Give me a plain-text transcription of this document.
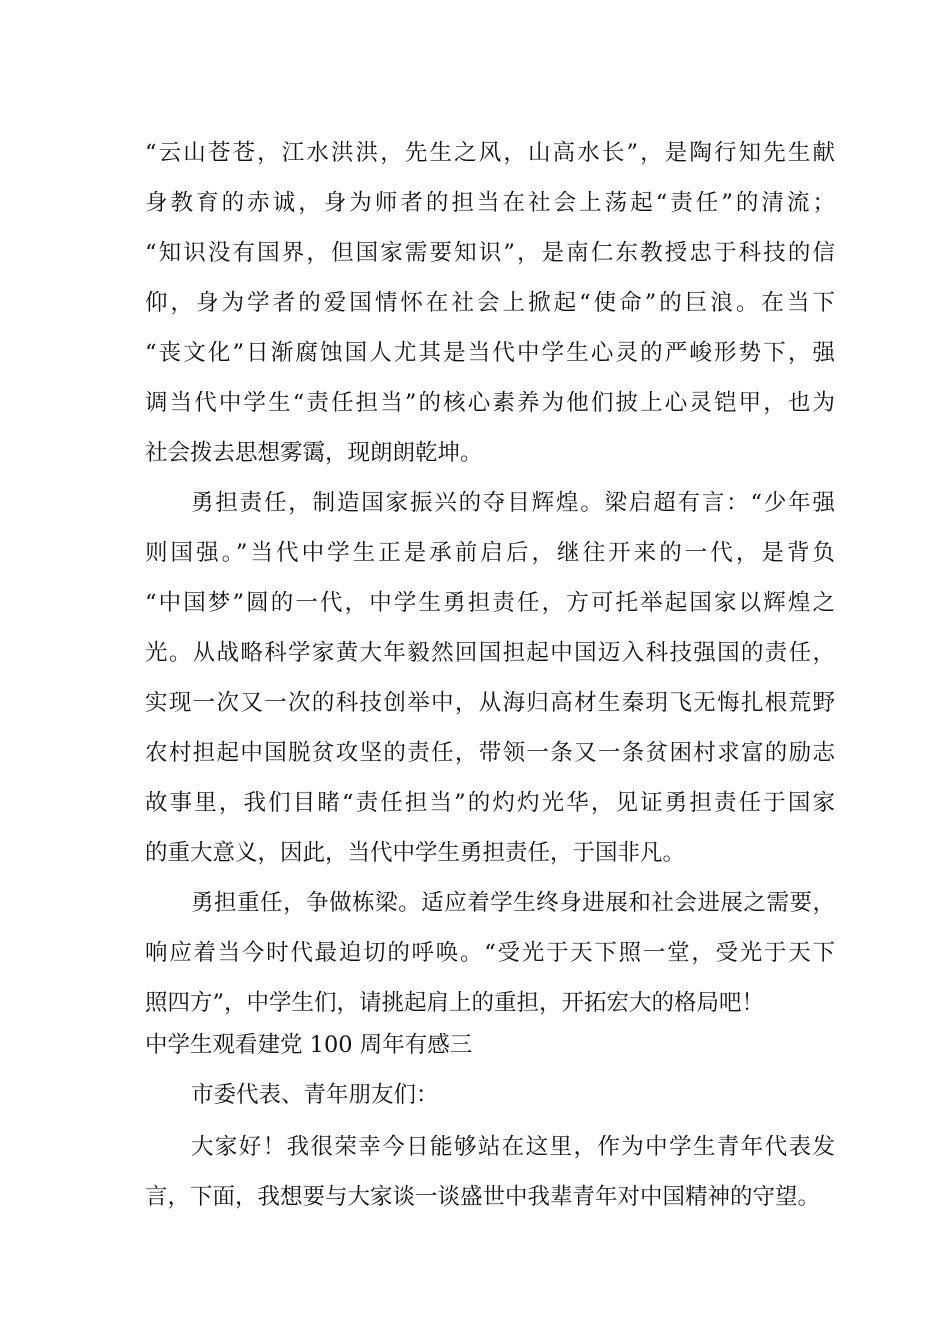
“云山苍苍，江水洪洪，先生之风，山高水长”，是陶行知先生献
身教育的赤诚，身为师者的担当在社会上荡起“责任”的清流；
“知识没有国界，但国家需要知识”，是南仁东教授忠于科技的信
仰，身为学者的爱国情怀在社会上掀起“使命”的巨浪。在当下
“丧文化”日渐腐蚀国人尤其是当代中学生心灵的严峻形势下，强
调当代中学生“责任担当”的核心素养为他们披上心灵铠甲，也为
社会拨去思想雾霭，现朗朗乾坤。
勇担责任，制造国家振兴的夺目辉煌。梁启超有言：“少年强
则国强。”当代中学生正是承前启后，继往开来的一代，是背负
“中国梦”圆的一代，中学生勇担责任，方可托举起国家以辉煌之
光。从战略科学家黄大年毅然回国担起中国迈入科技强国的责任，
实现一次又一次的科技创举中，从海归高材生秦玥飞无悔扎根荒野
农村担起中国脱贫攻坚的责任，带领一条又一条贫困村求富的励志
故事里，我们目睹“责任担当”的灼灼光华，见证勇担责任于国家
的重大意义，因此，当代中学生勇担责任，于国非凡。
勇担重任，争做栋梁。适应着学生终身进展和社会进展之需要，
响应着当今时代最迫切的呼唤。“受光于天下照一堂，受光于天下
照四方”，中学生们，请挑起肩上的重担，开拓宏大的格局吧！
中学生观看建党 100 周年有感三
市委代表、青年朋友们：
大家好！我很荣幸今日能够站在这里，作为中学生青年代表发
言，下面，我想要与大家谈一谈盛世中我辈青年对中国精神的守望。
